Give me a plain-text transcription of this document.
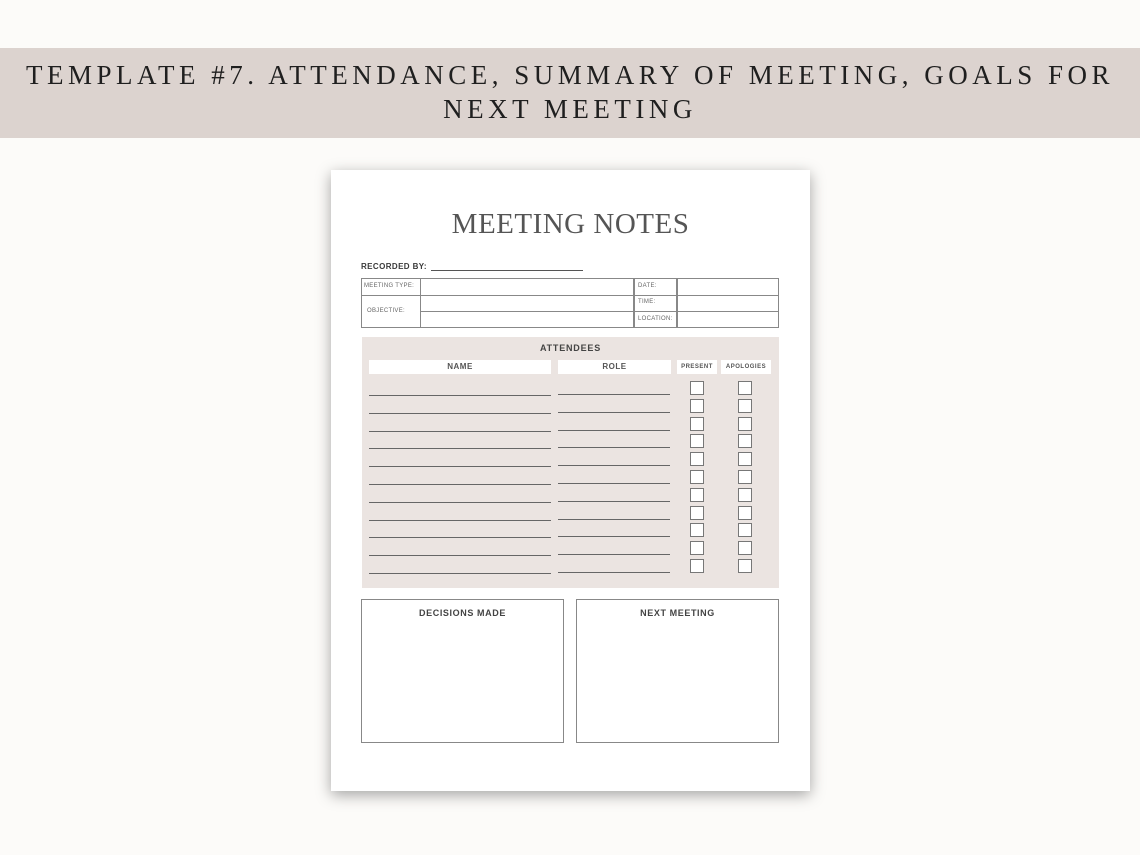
TEMPLATE #7. ATTENDANCE, SUMMARY OF MEETING, GOALS FOR
NEXT MEETING
MEETING NOTES
RECORDED BY:
MEETING TYPE:
OBJECTIVE:
DATE:
TIME:
LOCATION:
ATTENDEES
NAME	ROLE	PRESENT	APOLOGIES
DECISIONS MADE	NEXT MEETING
